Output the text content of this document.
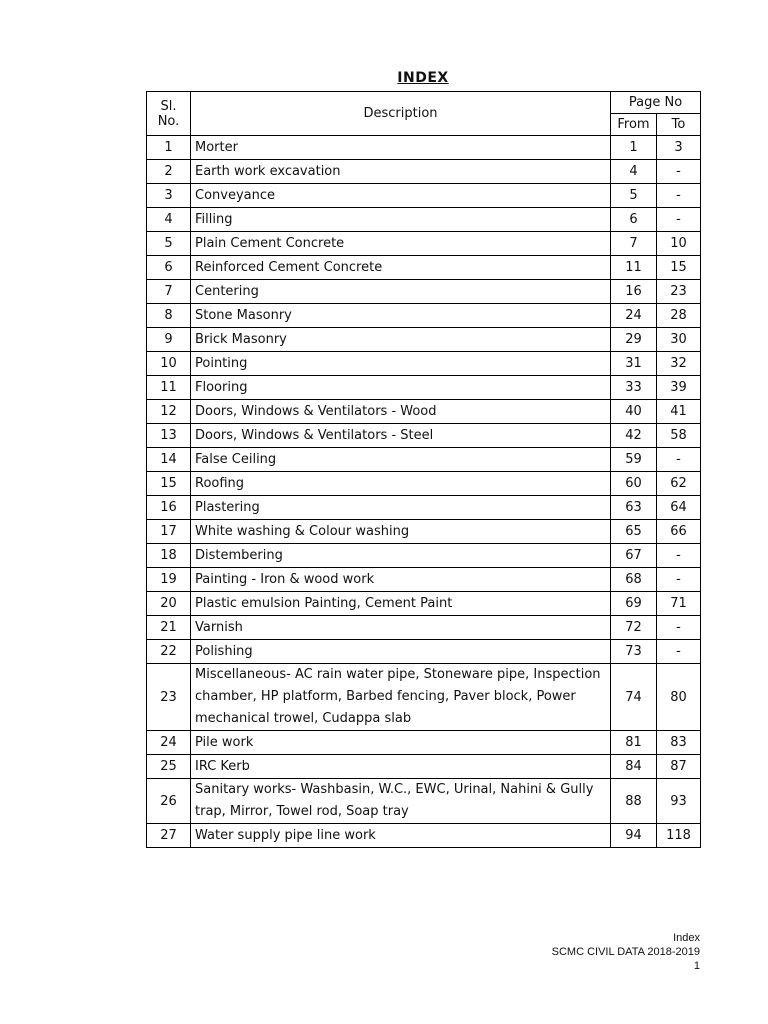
INDEX
Sl.
No.	Description	Page No	
		From	To
1	Morter	1	3
2	Earth work excavation	4	-
3	Conveyance	5	-
4	Filling	6	-
5	Plain Cement Concrete	7	10
6	Reinforced Cement Concrete	11	15
7	Centering	16	23
8	Stone Masonry	24	28
9	Brick Masonry	29	30
10	Pointing	31	32
11	Flooring	33	39
12	Doors, Windows & Ventilators - Wood	40	41
13	Doors, Windows & Ventilators - Steel	42	58
14	False Ceiling	59	-
15	Roofing	60	62
16	Plastering	63	64
17	White washing & Colour washing	65	66
18	Distembering	67	-
19	Painting - Iron & wood work	68	-
20	Plastic emulsion Painting, Cement Paint	69	71
21	Varnish	72	-
22	Polishing	73	-
23	Miscellaneous- AC rain water pipe, Stoneware pipe, Inspection chamber, HP platform, Barbed fencing, Paver block, Power mechanical trowel, Cudappa slab	74	80
24	Pile work	81	83
25	IRC Kerb	84	87
26	Sanitary works- Washbasin, W.C., EWC, Urinal, Nahini & Gully trap, Mirror, Towel rod, Soap tray	88	93
27	Water supply pipe line work	94	118
Index
SCMC CIVIL DATA 2018-2019
1
